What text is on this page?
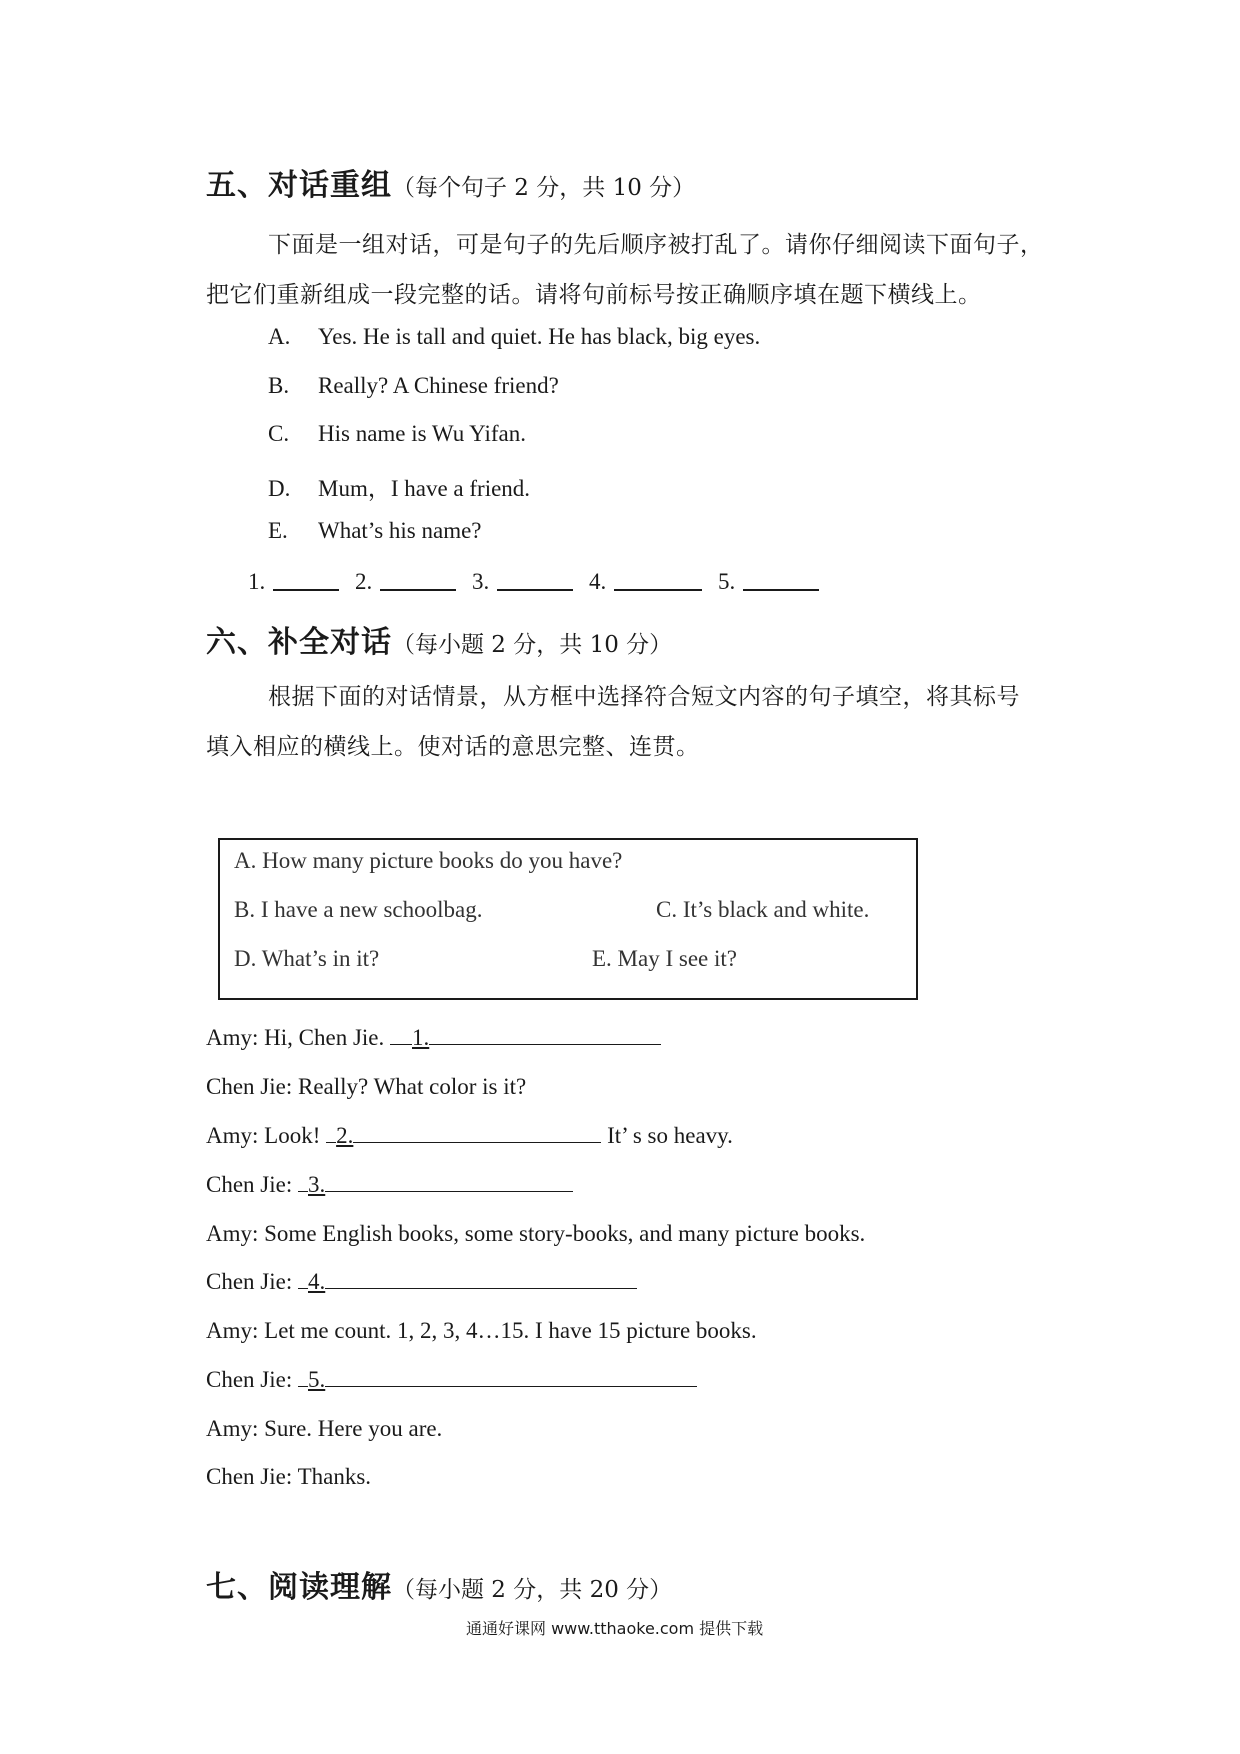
五、对话重组（每个句子 2 分，共 10 分）
下面是一组对话，可是句子的先后顺序被打乱了。请你仔细阅读下面句子，
把它们重新组成一段完整的话。请将句前标号按正确顺序填在题下横线上。
A. Yes. He is tall and quiet. He has black, big eyes.
B. Really? A Chinese friend?
C. His name is Wu Yifan.
D. Mum，I have a friend.
E. What’s his name?
1.	2.	3.	4.	5.
六、补全对话（每小题 2 分，共 10 分）
根据下面的对话情景，从方框中选择符合短文内容的句子填空，将其标号
填入相应的横线上。使对话的意思完整、连贯。
A. How many picture books do you have?
B. I have a new schoolbag.	C. It’s black and white.
D. What’s in it?	E. May I see it?
Amy: Hi, Chen Jie. 1.
Chen Jie: Really? What color is it?
Amy: Look! 2.	It’ s so heavy.
Chen Jie: 3.
Amy: Some English books, some story-books, and many picture books.
Chen Jie: 4.
Amy: Let me count. 1, 2, 3, 4…15. I have 15 picture books.
Chen Jie: 5.
Amy: Sure. Here you are.
Chen Jie: Thanks.
七、阅读理解（每小题 2 分，共 20 分）
通通好课网 www.tthaoke.com 提供下载
